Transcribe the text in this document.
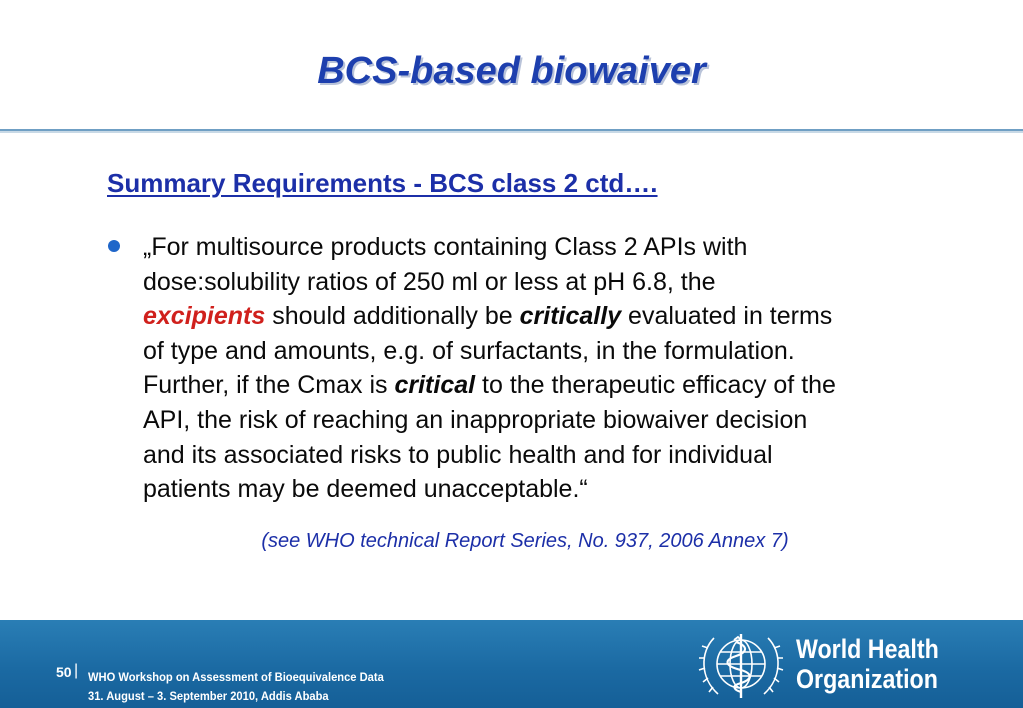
BCS-based biowaiver
Summary Requirements - BCS class 2 ctd….

„For multisource products containing Class 2 APIs with
dose:solubility ratios of 250 ml or less at pH 6.8, the
excipients should additionally be critically evaluated in terms
of type and amounts, e.g. of surfactants, in the formulation.
Further, if the Cmax is critical to the therapeutic efficacy of the
API, the risk of reaching an inappropriate biowaiver decision
and its associated risks to public health and for individual
patients may be deemed unacceptable.“

(see WHO technical Report Series, No. 937, 2006 Annex 7)

50 | WHO Workshop on Assessment of Bioequivalence Data
31. August – 3. September 2010, Addis Ababa
World Health
Organization
